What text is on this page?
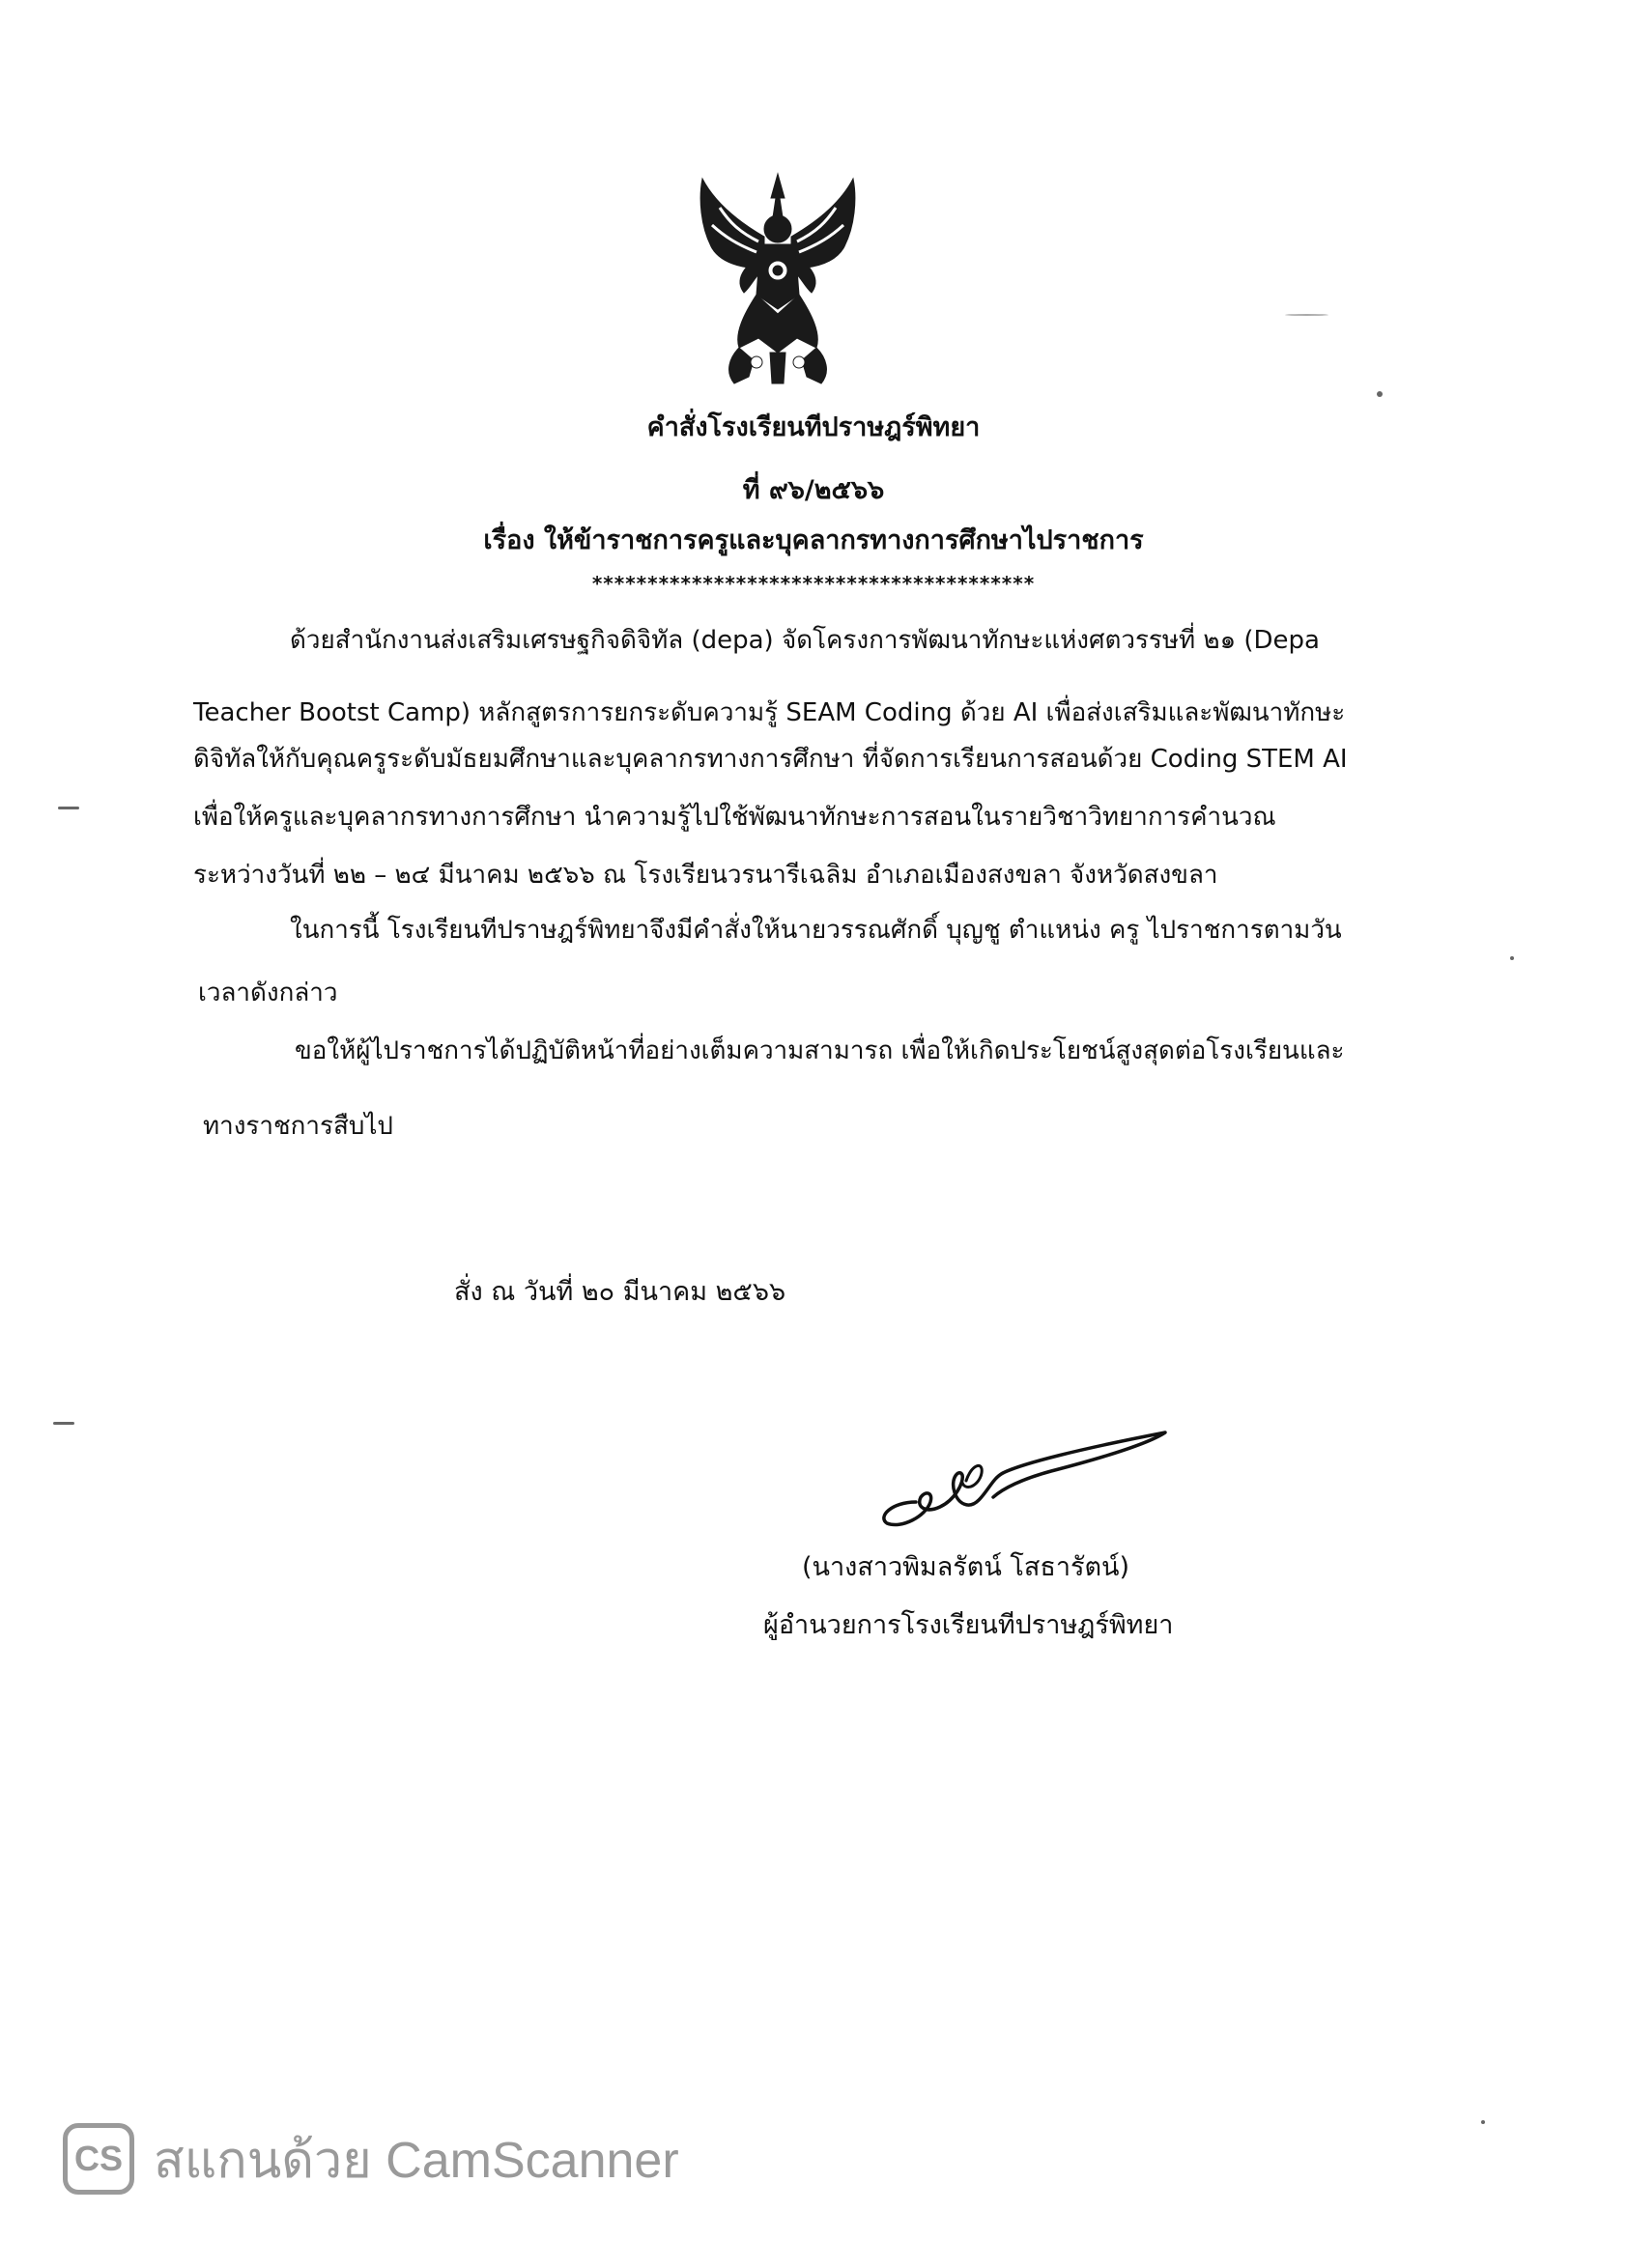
คำสั่งโรงเรียนทีปราษฎร์พิทยา
ที่ ๙๖/๒๕๖๖
เรื่อง ให้ข้าราชการครูและบุคลากรทางการศึกษาไปราชการ
****************************************
ด้วยสำนักงานส่งเสริมเศรษฐกิจดิจิทัล (depa) จัดโครงการพัฒนาทักษะแห่งศตวรรษที่ ๒๑ (Depa
Teacher Bootst Camp) หลักสูตรการยกระดับความรู้ SEAM Coding ด้วย AI เพื่อส่งเสริมและพัฒนาทักษะ
ดิจิทัลให้กับคุณครูระดับมัธยมศึกษาและบุคลากรทางการศึกษา ที่จัดการเรียนการสอนด้วย Coding STEM AI
เพื่อให้ครูและบุคลากรทางการศึกษา นำความรู้ไปใช้พัฒนาทักษะการสอนในรายวิชาวิทยาการคำนวณ
ระหว่างวันที่ ๒๒ – ๒๔ มีนาคม ๒๕๖๖ ณ โรงเรียนวรนารีเฉลิม อำเภอเมืองสงขลา จังหวัดสงขลา
ในการนี้ โรงเรียนทีปราษฎร์พิทยาจึงมีคำสั่งให้นายวรรณศักดิ์ บุญชู ตำแหน่ง ครู ไปราชการตามวัน
เวลาดังกล่าว
ขอให้ผู้ไปราชการได้ปฏิบัติหน้าที่อย่างเต็มความสามารถ เพื่อให้เกิดประโยชน์สูงสุดต่อโรงเรียนและ
ทางราชการสืบไป
สั่ง ณ วันที่ ๒๐ มีนาคม ๒๕๖๖
(นางสาวพิมลรัตน์ โสธารัตน์)
ผู้อำนวยการโรงเรียนทีปราษฎร์พิทยา
CS สแกนด้วย CamScanner
